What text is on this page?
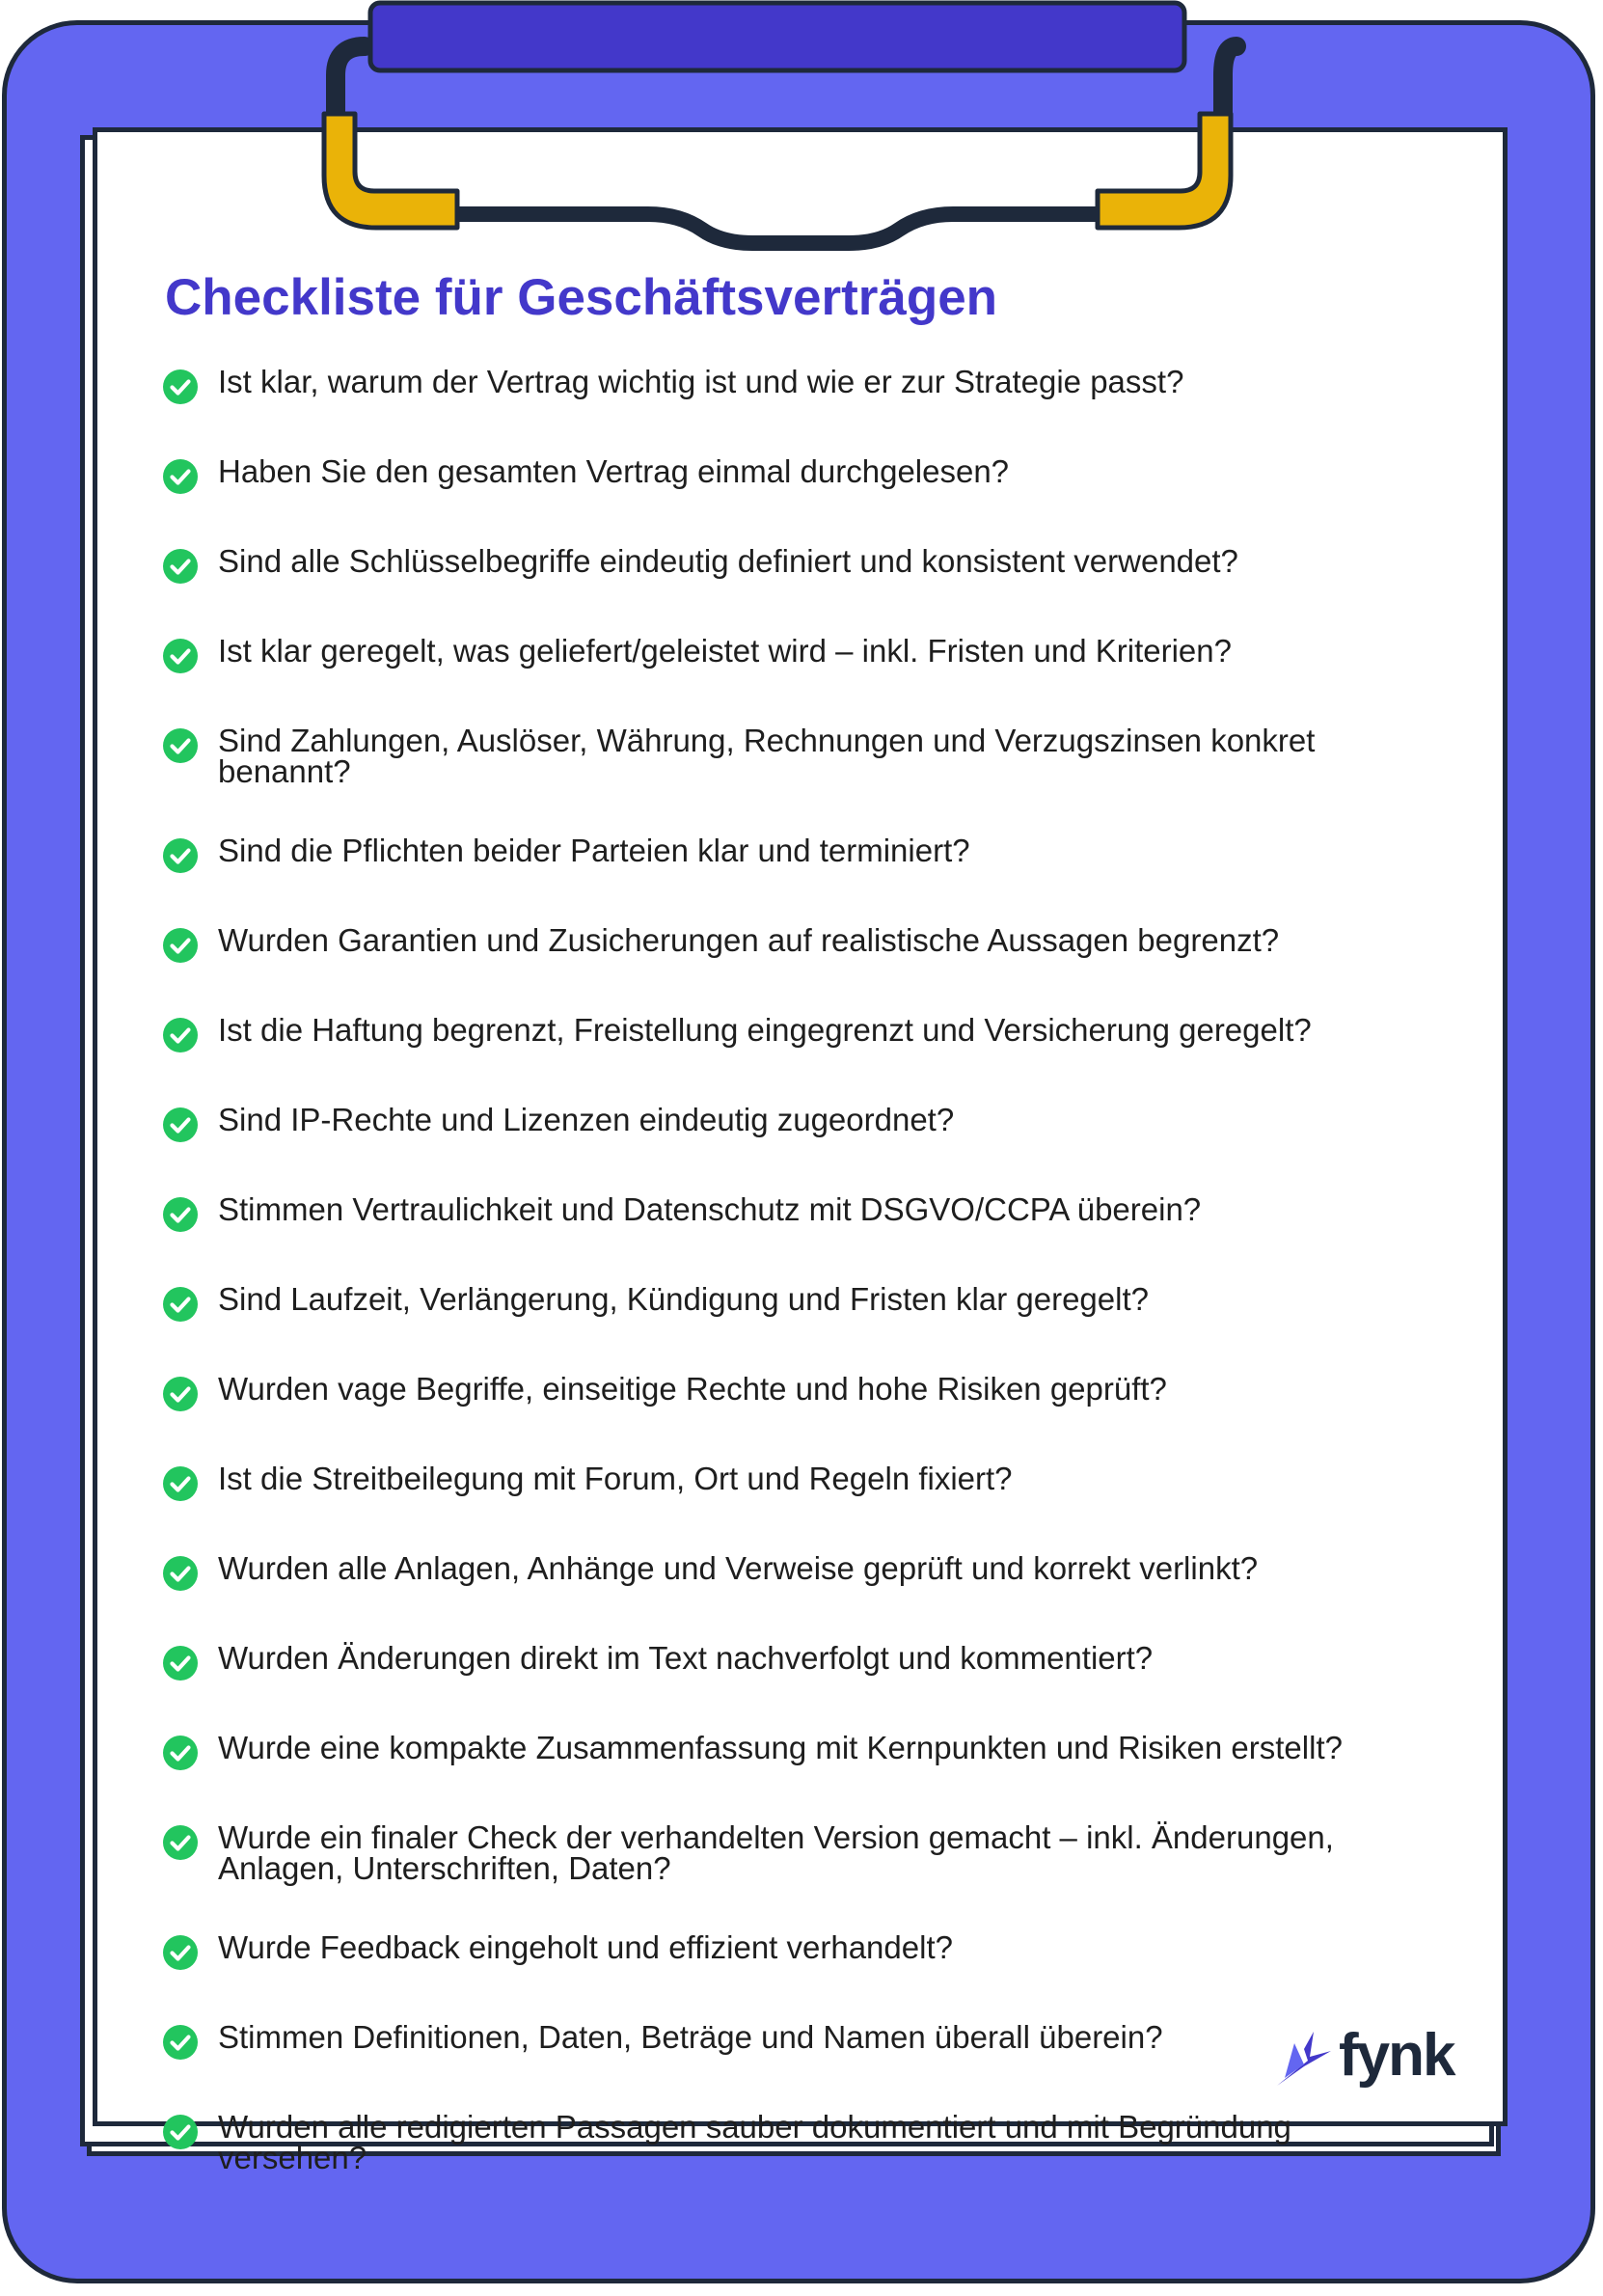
Checkliste für Geschäftsverträgen
Ist klar, warum der Vertrag wichtig ist und wie er zur Strategie passt?
Haben Sie den gesamten Vertrag einmal durchgelesen?
Sind alle Schlüsselbegriffe eindeutig definiert und konsistent verwendet?
Ist klar geregelt, was geliefert/geleistet wird – inkl. Fristen und Kriterien?
Sind Zahlungen, Auslöser, Währung, Rechnungen und Verzugszinsen konkret benannt?
Sind die Pflichten beider Parteien klar und terminiert?
Wurden Garantien und Zusicherungen auf realistische Aussagen begrenzt?
Ist die Haftung begrenzt, Freistellung eingegrenzt und Versicherung geregelt?
Sind IP-Rechte und Lizenzen eindeutig zugeordnet?
Stimmen Vertraulichkeit und Datenschutz mit DSGVO/CCPA überein?
Sind Laufzeit, Verlängerung, Kündigung und Fristen klar geregelt?
Wurden vage Begriffe, einseitige Rechte und hohe Risiken geprüft?
Ist die Streitbeilegung mit Forum, Ort und Regeln fixiert?
Wurden alle Anlagen, Anhänge und Verweise geprüft und korrekt verlinkt?
Wurden Änderungen direkt im Text nachverfolgt und kommentiert?
Wurde eine kompakte Zusammenfassung mit Kernpunkten und Risiken erstellt?
Wurde ein finaler Check der verhandelten Version gemacht – inkl. Änderungen, Anlagen, Unterschriften, Daten?
Wurde Feedback eingeholt und effizient verhandelt?
Stimmen Definitionen, Daten, Beträge und Namen überall überein?
Wurden alle redigierten Passagen sauber dokumentiert und mit Begründung versehen?
fynk
